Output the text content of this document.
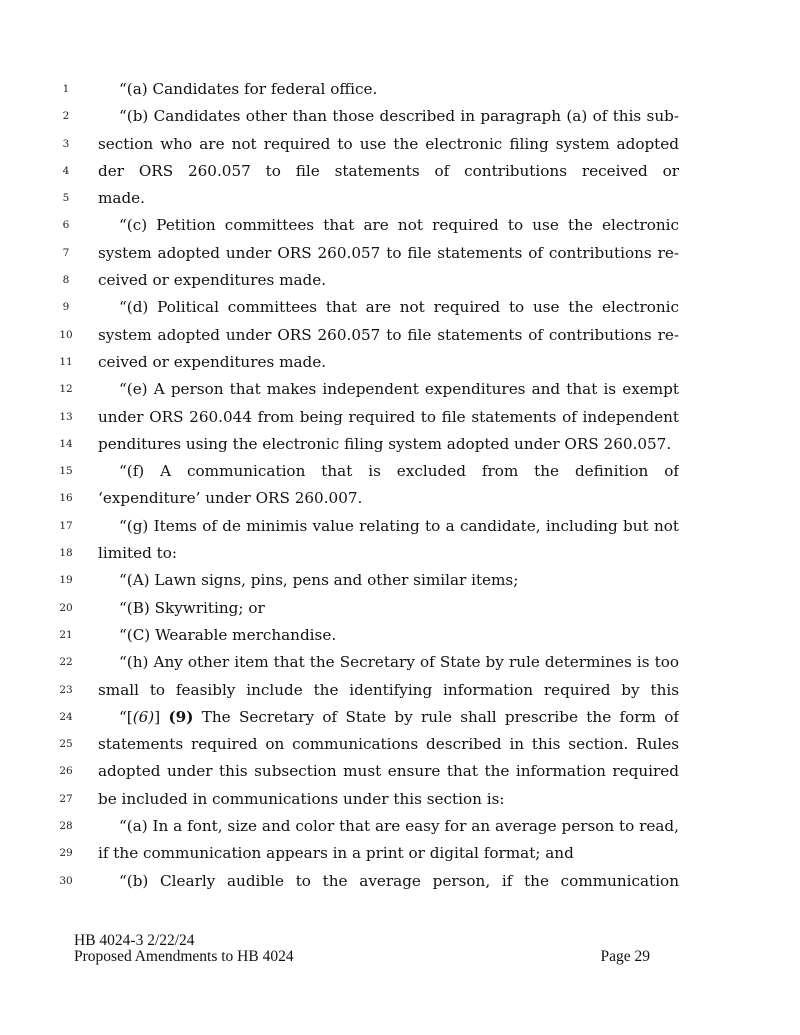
1	“(a) Candidates for federal office.
2	“(b) Candidates other than those described in paragraph (a) of this sub-
3	section who are not required to use the electronic filing system adopted
4	der ORS 260.057 to file statements of contributions received or
5	made.
6	“(c) Petition committees that are not required to use the electronic
7	system adopted under ORS 260.057 to file statements of contributions re-
8	ceived or expenditures made.
9	“(d) Political committees that are not required to use the electronic
10	system adopted under ORS 260.057 to file statements of contributions re-
11	ceived or expenditures made.
12	“(e) A person that makes independent expenditures and that is exempt
13	under ORS 260.044 from being required to file statements of independent
14	penditures using the electronic filing system adopted under ORS 260.057.
15	“(f) A communication that is excluded from the definition of
16	‘expenditure’ under ORS 260.007.
17	“(g) Items of de minimis value relating to a candidate, including but not
18	limited to:
19	“(A) Lawn signs, pins, pens and other similar items;
20	“(B) Skywriting; or
21	“(C) Wearable merchandise.
22	“(h) Any other item that the Secretary of State by rule determines is too
23	small to feasibly include the identifying information required by this
24	“[(6)] (9) The Secretary of State by rule shall prescribe the form of
25	statements required on communications described in this section. Rules
26	adopted under this subsection must ensure that the information required
27	be included in communications under this section is:
28	“(a) In a font, size and color that are easy for an average person to read,
29	if the communication appears in a print or digital format; and
30	“(b) Clearly audible to the average person, if the communication
HB 4024-3 2/22/24
Proposed Amendments to HB 4024	Page 29
